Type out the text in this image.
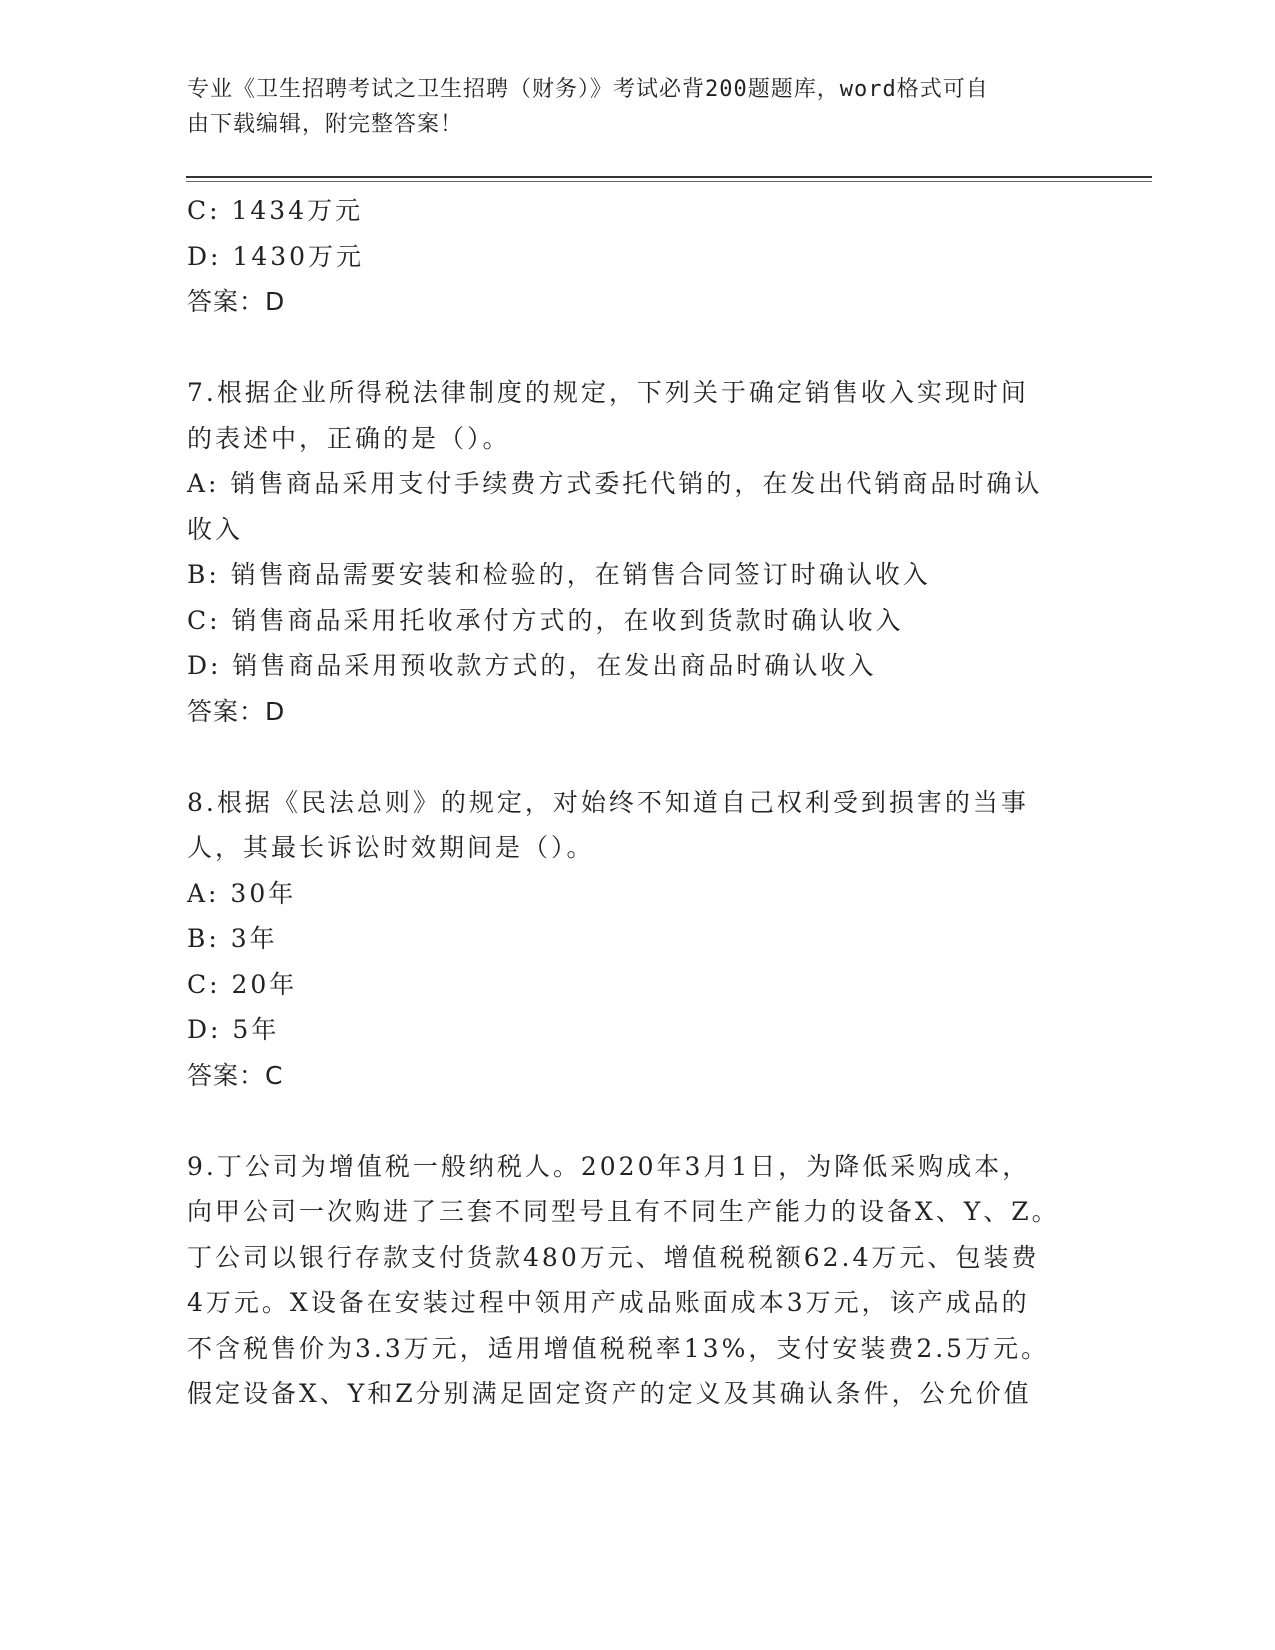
专业《卫生招聘考试之卫生招聘（财务）》考试必背200题题库，word格式可自
由下载编辑，附完整答案！
C: 1434万元
D: 1430万元
答案：D
7.根据企业所得税法律制度的规定，下列关于确定销售收入实现时间
的表述中，正确的是（）。
A: 销售商品采用支付手续费方式委托代销的，在发出代销商品时确认
收入
B: 销售商品需要安装和检验的，在销售合同签订时确认收入
C: 销售商品采用托收承付方式的，在收到货款时确认收入
D: 销售商品采用预收款方式的，在发出商品时确认收入
答案：D
8.根据《民法总则》的规定，对始终不知道自己权利受到损害的当事
人，其最长诉讼时效期间是（）。
A: 30年
B: 3年
C: 20年
D: 5年
答案：C
9.丁公司为增值税一般纳税人。2020年3月1日，为降低采购成本，
向甲公司一次购进了三套不同型号且有不同生产能力的设备X、Y、Z。
丁公司以银行存款支付货款480万元、增值税税额62.4万元、包装费
4万元。X设备在安装过程中领用产成品账面成本3万元，该产成品的
不含税售价为3.3万元，适用增值税税率13%，支付安装费2.5万元。
假定设备X、Y和Z分别满足固定资产的定义及其确认条件，公允价值
